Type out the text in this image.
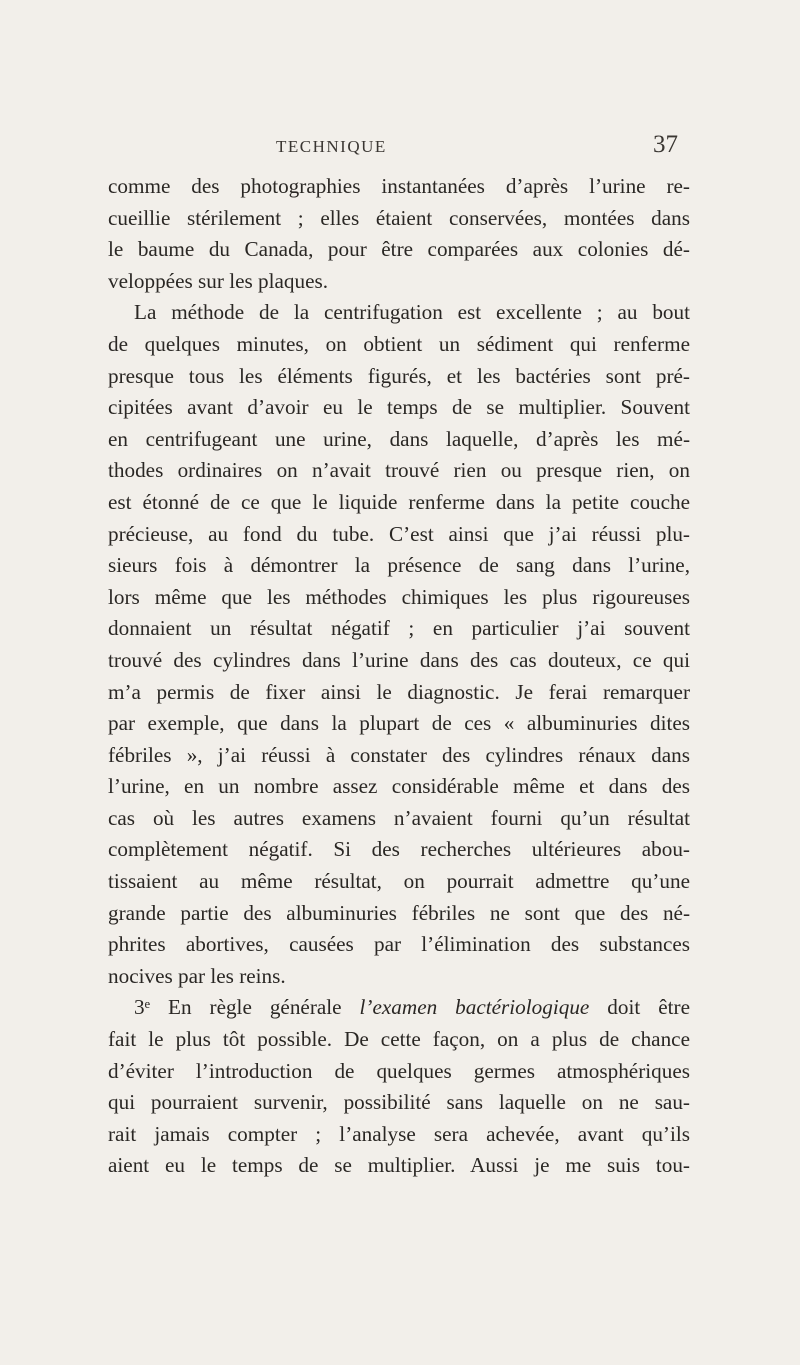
TECHNIQUE	37
comme des photographies instantanées d’après l’urine re-
cueillie stérilement ; elles étaient conservées, montées dans
le baume du Canada, pour être comparées aux colonies dé-
veloppées sur les plaques.
La méthode de la centrifugation est excellente ; au bout
de quelques minutes, on obtient un sédiment qui renferme
presque tous les éléments figurés, et les bactéries sont pré-
cipitées avant d’avoir eu le temps de se multiplier. Souvent
en centrifugeant une urine, dans laquelle, d’après les mé-
thodes ordinaires on n’avait trouvé rien ou presque rien, on
est étonné de ce que le liquide renferme dans la petite couche
précieuse, au fond du tube. C’est ainsi que j’ai réussi plu-
sieurs fois à démontrer la présence de sang dans l’urine,
lors même que les méthodes chimiques les plus rigoureuses
donnaient un résultat négatif ; en particulier j’ai souvent
trouvé des cylindres dans l’urine dans des cas douteux, ce qui
m’a permis de fixer ainsi le diagnostic. Je ferai remarquer
par exemple, que dans la plupart de ces « albuminuries dites
fébriles », j’ai réussi à constater des cylindres rénaux dans
l’urine, en un nombre assez considérable même et dans des
cas où les autres examens n’avaient fourni qu’un résultat
complètement négatif. Si des recherches ultérieures abou-
tissaient au même résultat, on pourrait admettre qu’une
grande partie des albuminuries fébriles ne sont que des né-
phrites abortives, causées par l’élimination des substances
nocives par les reins.
3ᵉ En règle générale l’examen bactériologique doit être
fait le plus tôt possible. De cette façon, on a plus de chance
d’éviter l’introduction de quelques germes atmosphériques
qui pourraient survenir, possibilité sans laquelle on ne sau-
rait jamais compter ; l’analyse sera achevée, avant qu’ils
aient eu le temps de se multiplier. Aussi je me suis tou-
